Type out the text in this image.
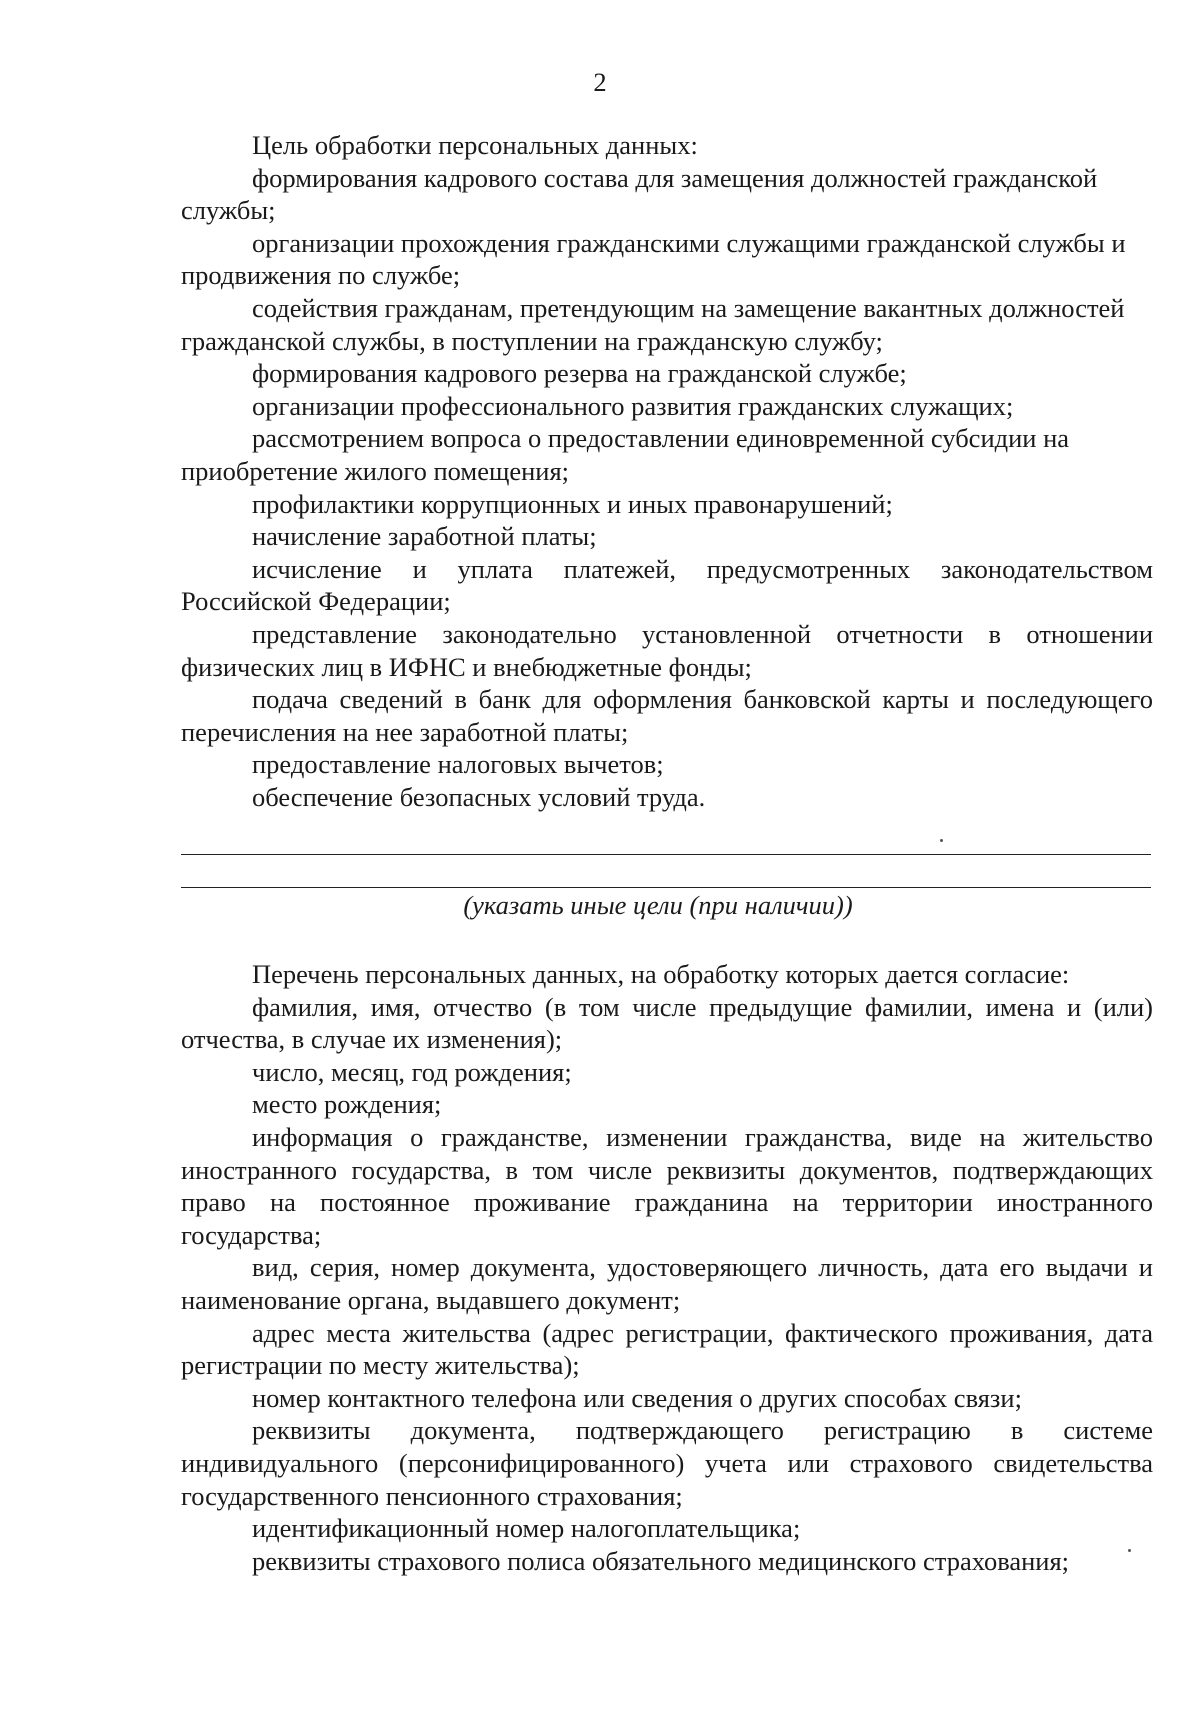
2

Цель обработки персональных данных:

формирования кадрового состава для замещения должностей гражданской службы;

организации прохождения гражданскими служащими гражданской службы и продвижения по службе;

содействия гражданам, претендующим на замещение вакантных должностей гражданской службы, в поступлении на гражданскую службу;

формирования кадрового резерва на гражданской службе;

организации профессионального развития гражданских служащих;

рассмотрением вопроса о предоставлении единовременной субсидии на приобретение жилого помещения;

профилактики коррупционных и иных правонарушений;

начисление заработной платы;

исчисление и уплата платежей, предусмотренных законодательством Российской Федерации;

представление законодательно установленной отчетности в отношении физических лиц в ИФНС и внебюджетные фонды;

подача сведений в банк для оформления банковской карты и последующего перечисления на нее заработной платы;

предоставление налоговых вычетов;

обеспечение безопасных условий труда.

(указать иные цели (при наличии))

Перечень персональных данных, на обработку которых дается согласие:

фамилия, имя, отчество (в том числе предыдущие фамилии, имена и (или) отчества, в случае их изменения);

число, месяц, год рождения;

место рождения;

информация о гражданстве, изменении гражданства, виде на жительство иностранного государства, в том числе реквизиты документов, подтверждающих право на постоянное проживание гражданина на территории иностранного государства;

вид, серия, номер документа, удостоверяющего личность, дата его выдачи и наименование органа, выдавшего документ;

адрес места жительства (адрес регистрации, фактического проживания, дата регистрации по месту жительства);

номер контактного телефона или сведения о других способах связи;

реквизиты документа, подтверждающего регистрацию в системе индивидуального (персонифицированного) учета или страхового свидетельства государственного пенсионного страхования;

идентификационный номер налогоплательщика;

реквизиты страхового полиса обязательного медицинского страхования;
